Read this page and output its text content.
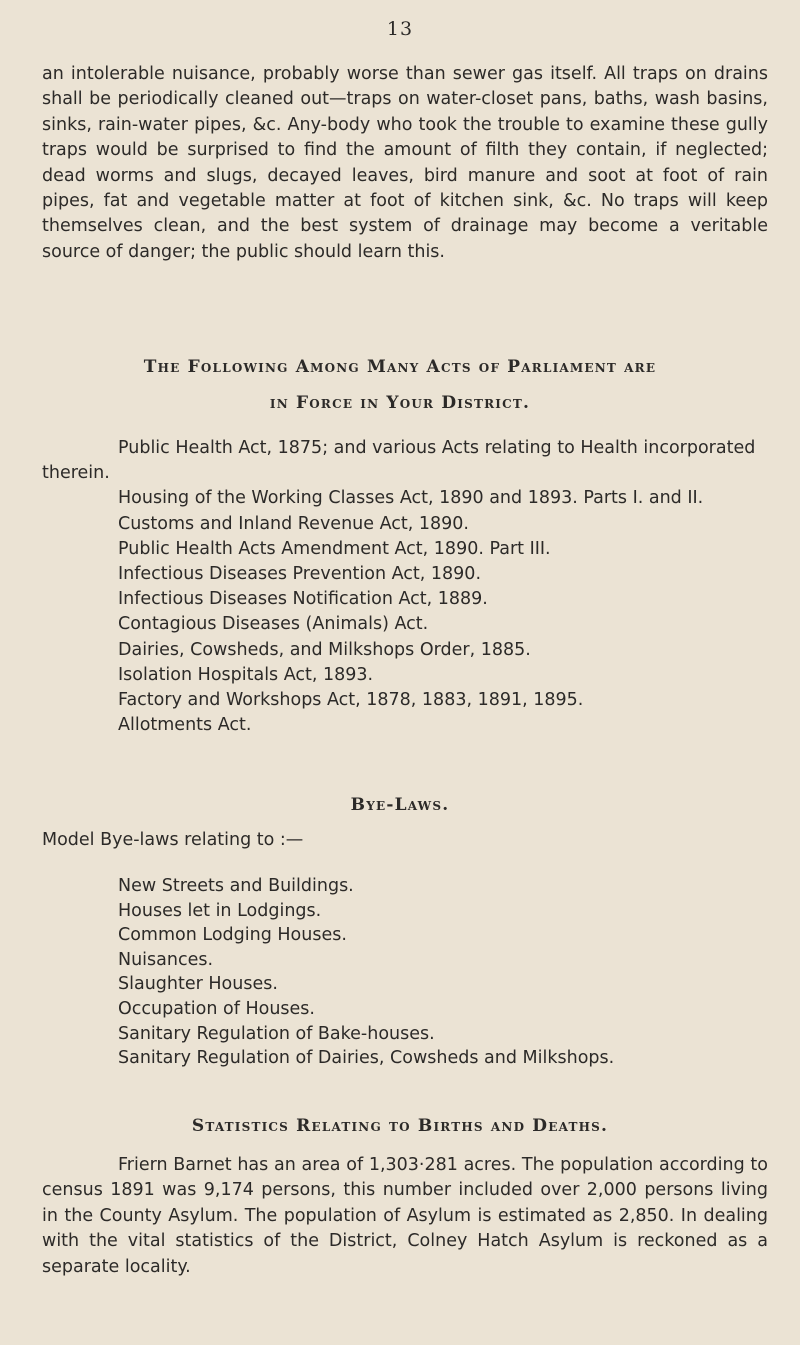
13

an intolerable nuisance, probably worse than sewer gas itself. All traps on drains shall be periodically cleaned out—traps on water-closet pans, baths, wash basins, sinks, rain-water pipes, &c. Any-body who took the trouble to examine these gully traps would be surprised to find the amount of filth they contain, if neglected; dead worms and slugs, decayed leaves, bird manure and soot at foot of rain pipes, fat and vegetable matter at foot of kitchen sink, &c. No traps will keep themselves clean, and the best system of drainage may become a veritable source of danger; the public should learn this.

The Following Among Many Acts of Parliament are
in Force in Your District.
Public Health Act, 1875; and various Acts relating to Health incorporated therein.
Housing of the Working Classes Act, 1890 and 1893. Parts I. and II.
Customs and Inland Revenue Act, 1890.
Public Health Acts Amendment Act, 1890. Part III.
Infectious Diseases Prevention Act, 1890.
Infectious Diseases Notification Act, 1889.
Contagious Diseases (Animals) Act.
Dairies, Cowsheds, and Milkshops Order, 1885.
Isolation Hospitals Act, 1893.
Factory and Workshops Act, 1878, 1883, 1891, 1895.
Allotments Act.
Bye-Laws.

Model Bye-laws relating to :—

New Streets and Buildings.
Houses let in Lodgings.
Common Lodging Houses.
Nuisances.
Slaughter Houses.
Occupation of Houses.
Sanitary Regulation of Bake-houses.
Sanitary Regulation of Dairies, Cowsheds and Milkshops.
Statistics Relating to Births and Deaths.

Friern Barnet has an area of 1,303·281 acres. The population according to census 1891 was 9,174 persons, this number included over 2,000 persons living in the County Asylum. The population of Asylum is estimated as 2,850. In dealing with the vital statistics of the District, Colney Hatch Asylum is reckoned as a separate locality.
